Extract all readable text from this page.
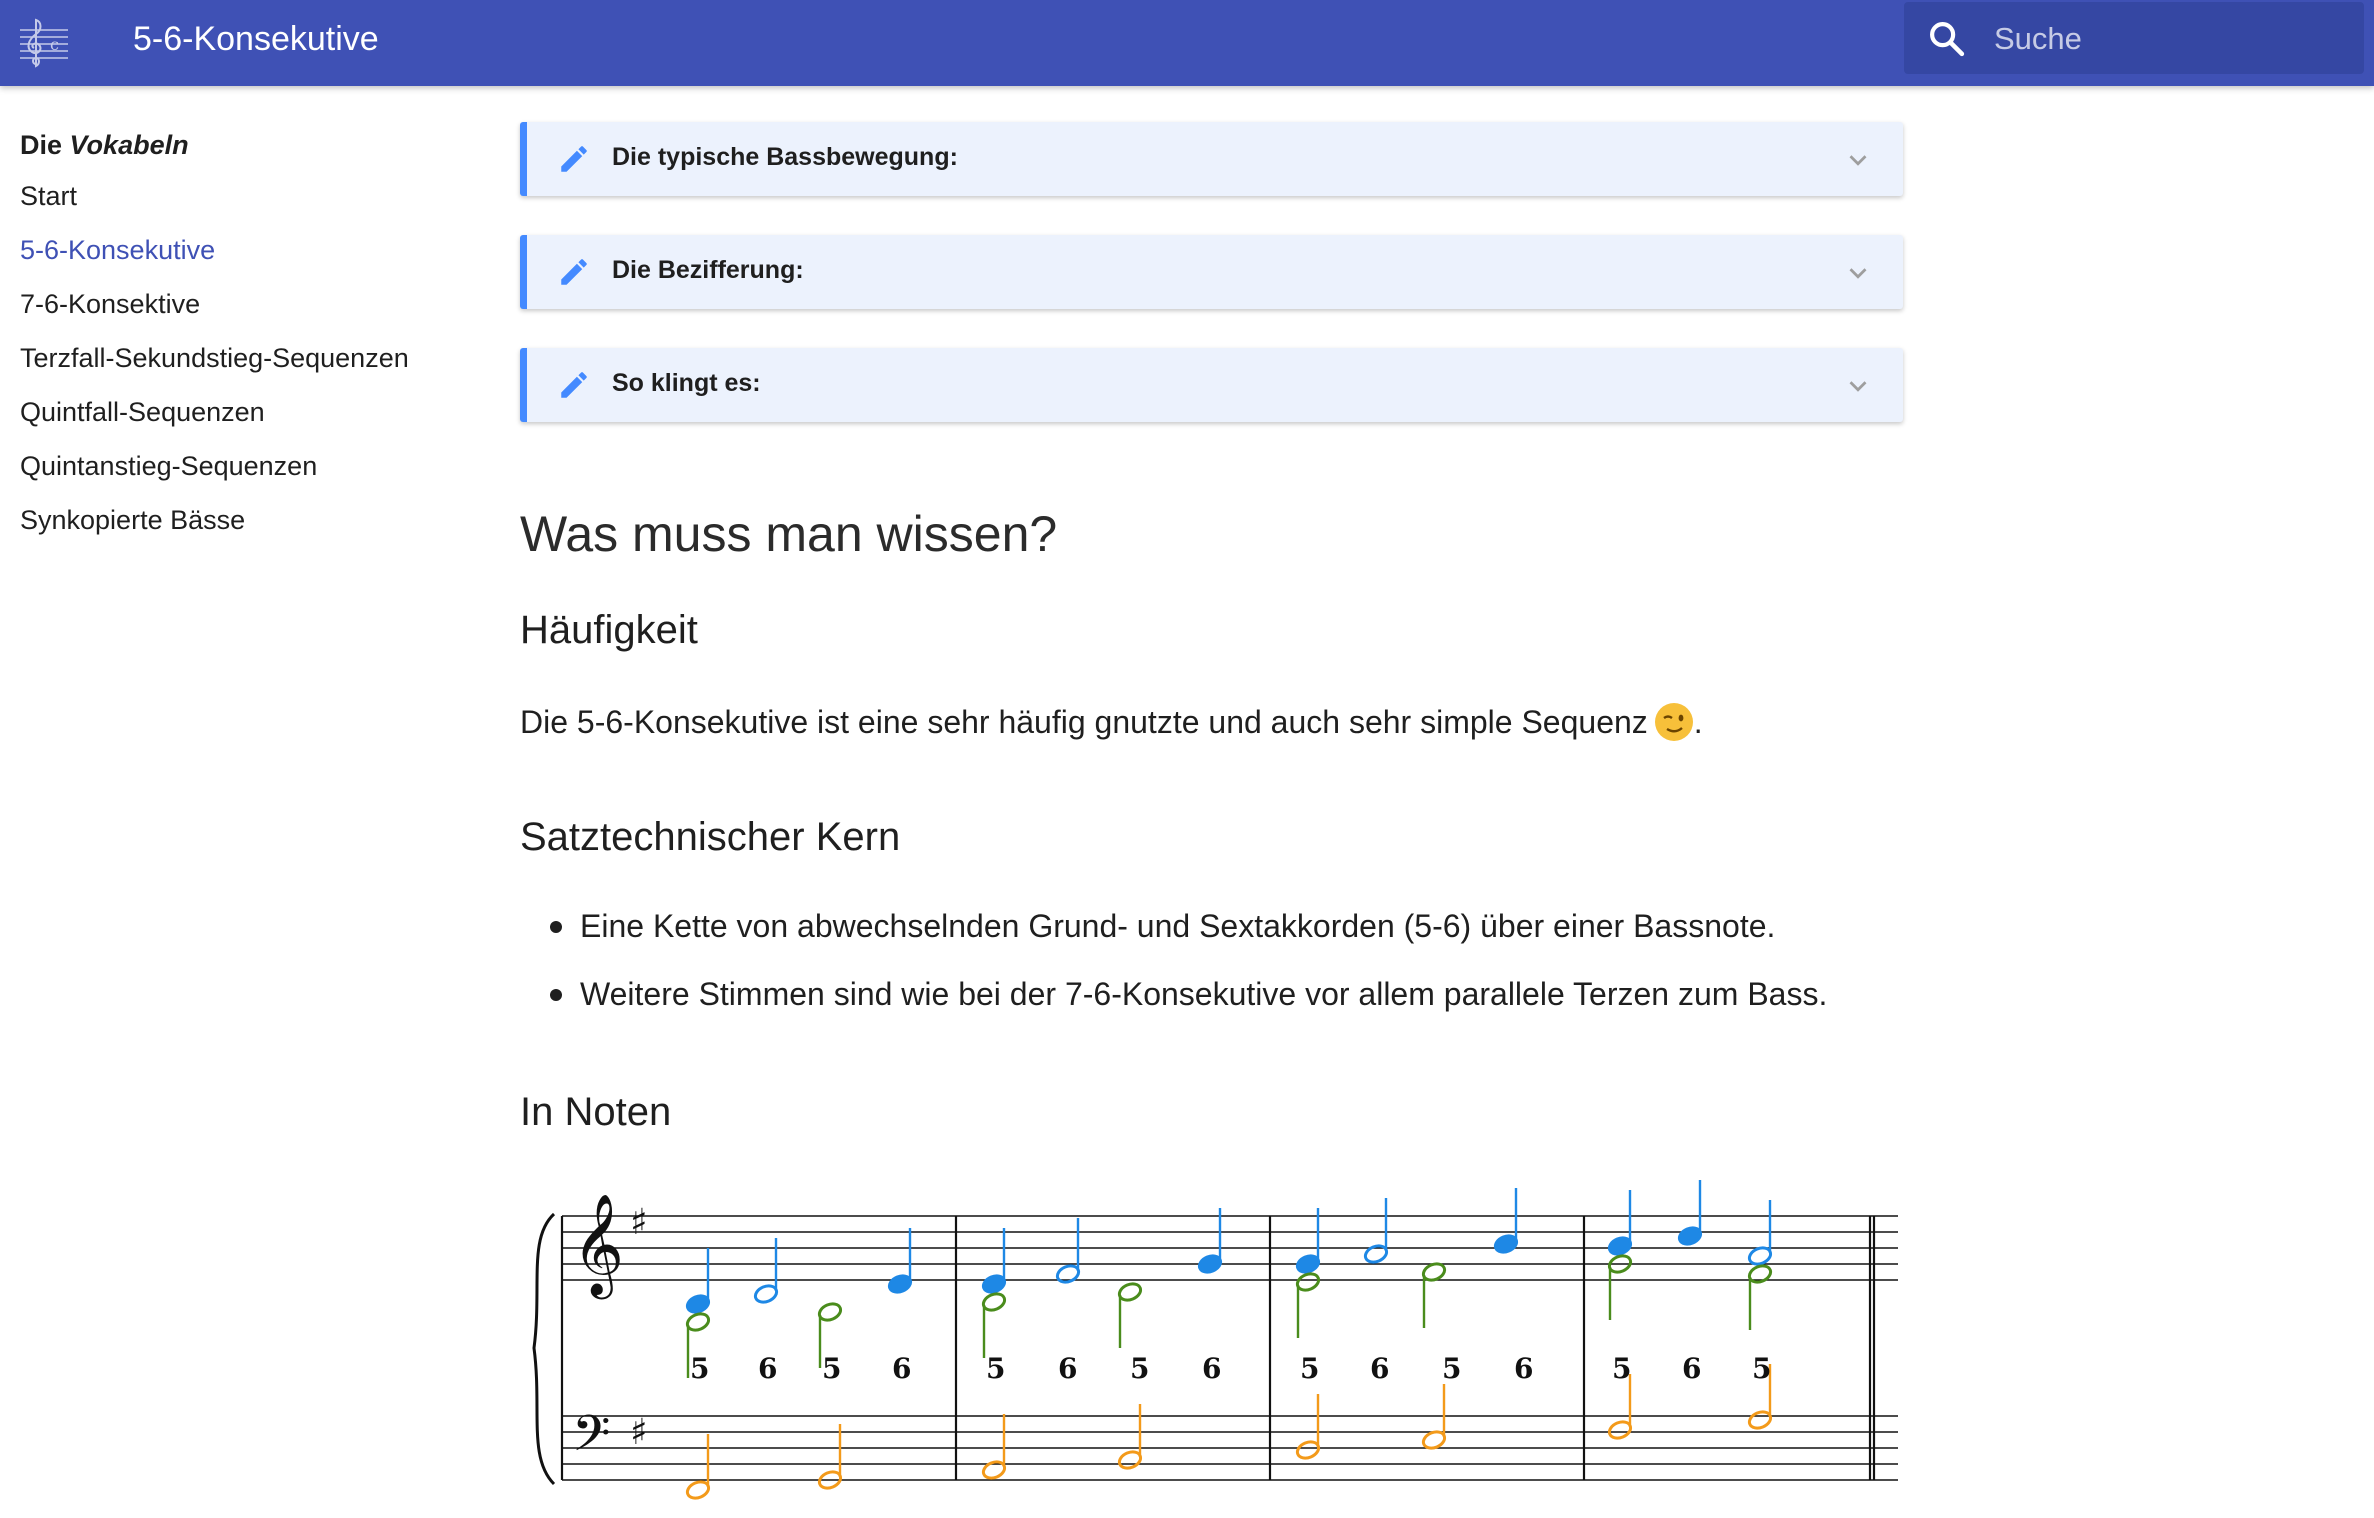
c 5-6-Konsekutive
Suche
Die Vokabeln
Start
5-6-Konsekutive
7-6-Konsektive
Terzfall-Sekundstieg-Sequenzen
Quintfall-Sequenzen
Quintanstieg-Sequenzen
Synkopierte Bässe
Die typische Bassbewegung:
Die Bezifferung:
So klingt es:
Was muss man wissen?
Häufigkeit
Die 5-6-Konsekutive ist eine sehr häufig gnutzte und auch sehr simple Sequenz .
Satztechnischer Kern
Eine Kette von abwechselnden Grund- und Sextakkorden (5-6) über einer Bassnote.
Weitere Stimmen sind wie bei der 7-6-Konsekutive vor allem parallele Terzen zum Bass.
In Noten
𝄞
𝄢
♯
♯
5 6 5 6	5 6 5 6	5 6 5 6	5 6 5
